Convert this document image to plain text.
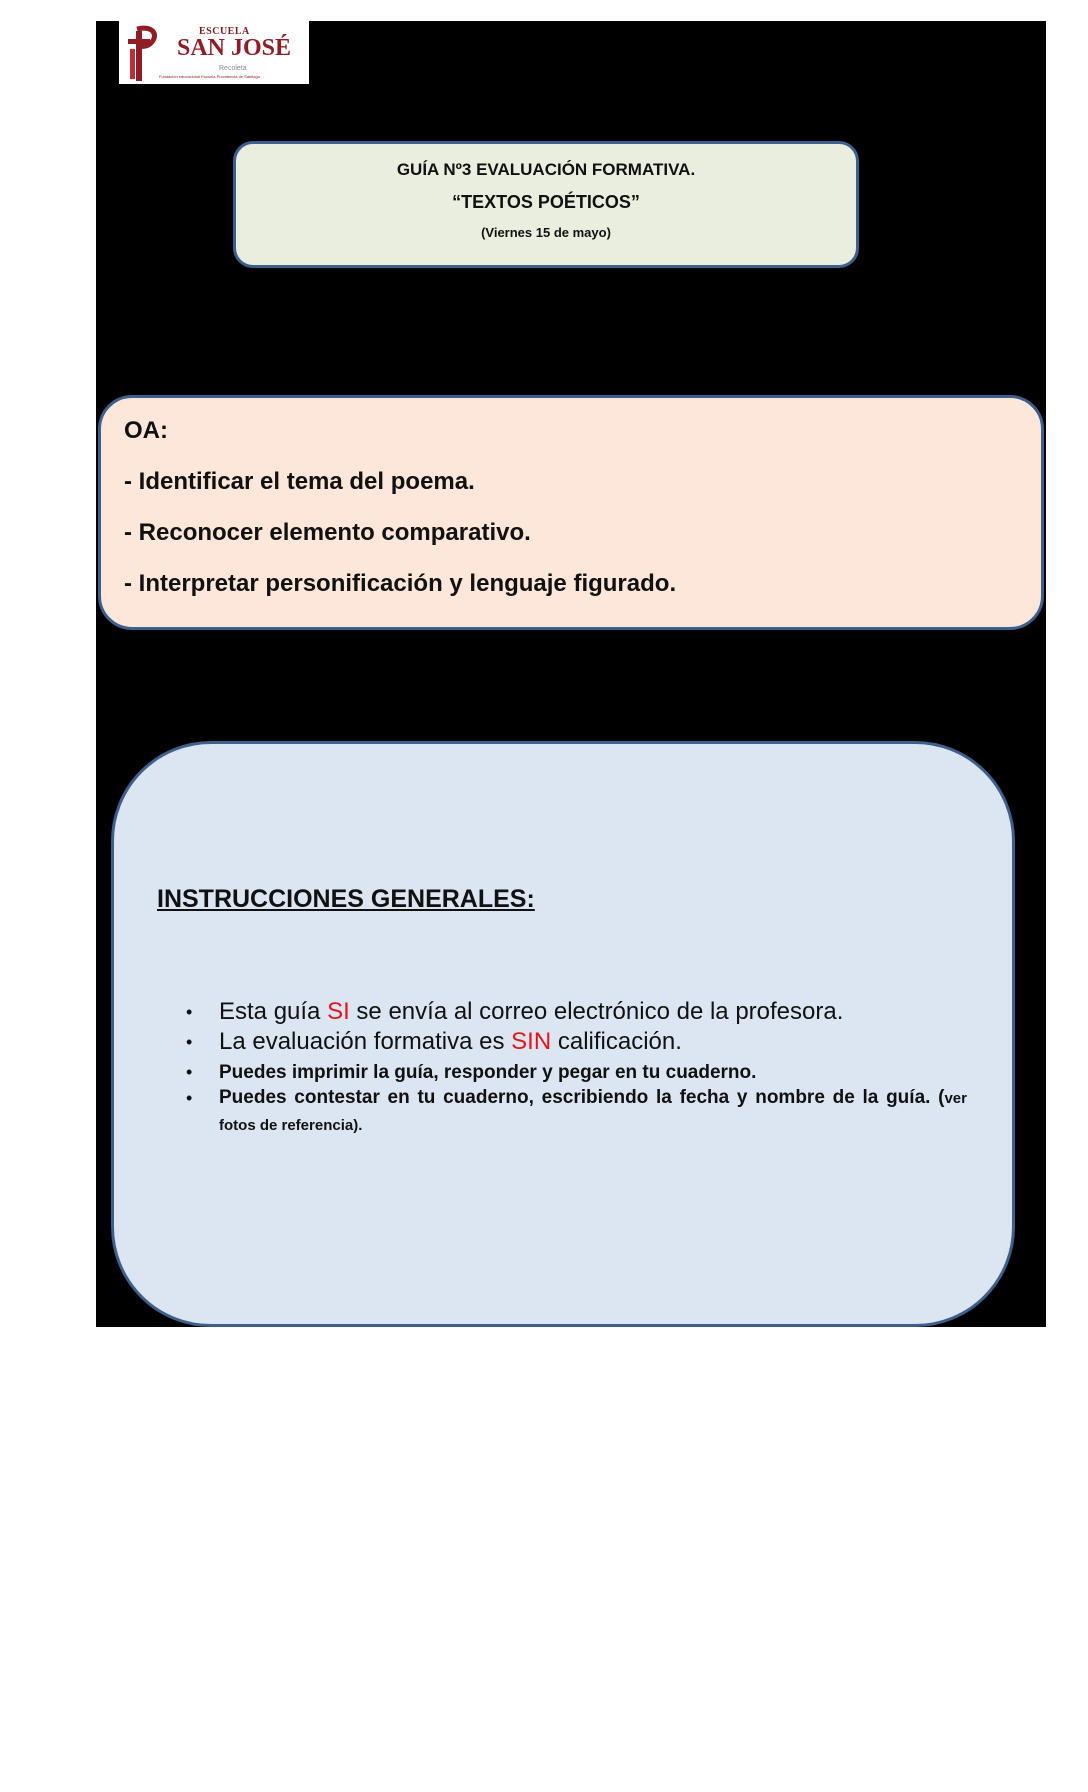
ESCUELA
SAN JOSÉ
Recoleta
Fundación educacional Escuela Providencia de Santiago
GUÍA Nº3 EVALUACIÓN FORMATIVA.
“TEXTOS POÉTICOS”
(Viernes 15 de mayo)
OA:
- Identificar el tema del poema.
- Reconocer elemento comparativo.
- Interpretar personificación y lenguaje figurado.
INSTRUCCIONES GENERALES:
• Esta guía SI se envía al correo electrónico de la profesora.
• La evaluación formativa es SIN calificación.
• Puedes imprimir la guía, responder y pegar en tu cuaderno.
• Puedes contestar en tu cuaderno, escribiendo la fecha y nombre de la guía. (ver fotos de referencia).
